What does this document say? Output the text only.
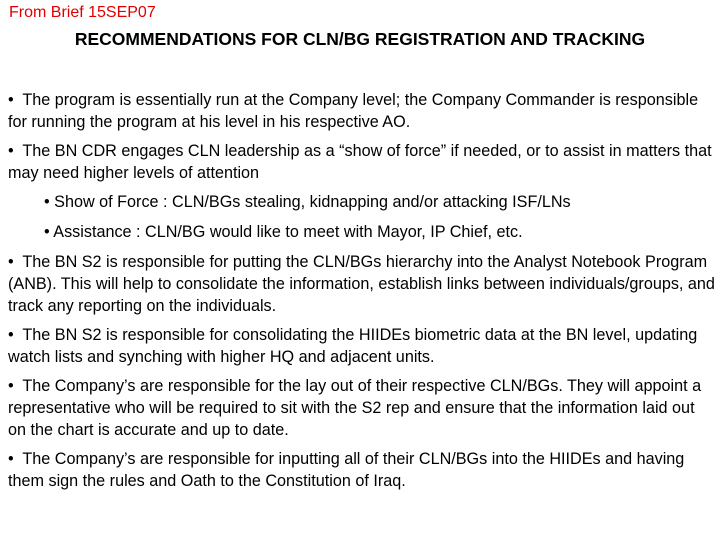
From Brief 15SEP07
RECOMMENDATIONS FOR CLN/BG REGISTRATION AND TRACKING
• The program is essentially run at the Company level; the Company Commander is responsible for running the program at his level in his respective AO.
• The BN CDR engages CLN leadership as a “show of force” if needed, or to assist in matters that may need higher levels of attention
• Show of Force : CLN/BGs stealing, kidnapping and/or attacking ISF/LNs
• Assistance : CLN/BG would like to meet with Mayor, IP Chief, etc.
• The BN S2 is responsible for putting the CLN/BGs hierarchy into the Analyst Notebook Program (ANB). This will help to consolidate the information, establish links between individuals/groups, and track any reporting on the individuals.
• The BN S2 is responsible for consolidating the HIIDEs biometric data at the BN level, updating watch lists and synching with higher HQ and adjacent units.
• The Company’s are responsible for the lay out of their respective CLN/BGs. They will appoint a representative who will be required to sit with the S2 rep and ensure that the information laid out on the chart is accurate and up to date.
• The Company’s are responsible for inputting all of their CLN/BGs into the HIIDEs and having them sign the rules and Oath to the Constitution of Iraq.
